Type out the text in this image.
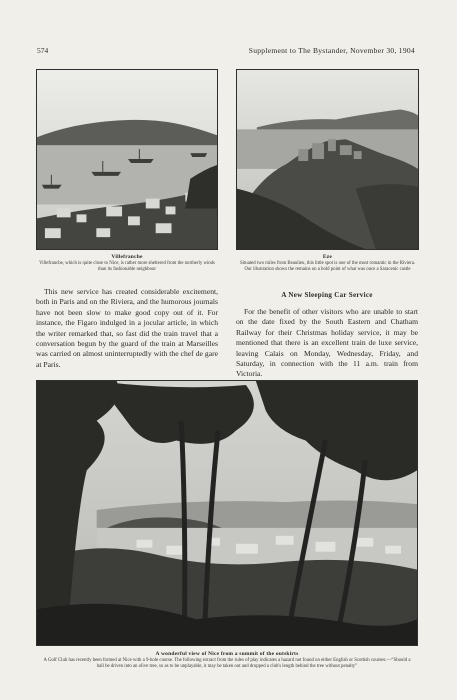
574	Supplement to The Bystander, November 30, 1904
Villefranche
Villefranche, which is quite close to Nice, is rather more sheltered from the northerly winds than its fashionable neighbour
Eze
Situated two miles from Beaulieu, this little spot is one of the most romantic in the Riviera. Our illustration shows the remains on a bold point of what was once a Saracenic castle

This new service has created considerable excitement, both in Paris and on the Riviera, and the humorous journals have not been slow to make good copy out of it. For instance, the Figaro indulged in a jocular article, in which the writer remarked that, so fast did the train travel that a conversation begun by the guard of the train at Marseilles was carried on almost uninterruptedly with the chef de gare at Paris.

A New Sleeping Car Service

For the benefit of other visitors who are unable to start on the date fixed by the South Eastern and Chatham Railway for their Christmas holiday service, it may be mentioned that there is an excellent train de luxe service, leaving Calais on Monday, Wednesday, Friday, and Saturday, in connection with the 11 a.m. train from Victoria.

A wonderful view of Nice from a summit of the outskirts
A Golf Club has recently been formed at Nice with a 9-hole course. The following extract from the rules of play indicates a hazard not found on either English or Scottish courses:—“Should a ball be driven into an olive tree, so as to be unplayable, it may be taken out and dropped a club's length behind the tree without penalty”
